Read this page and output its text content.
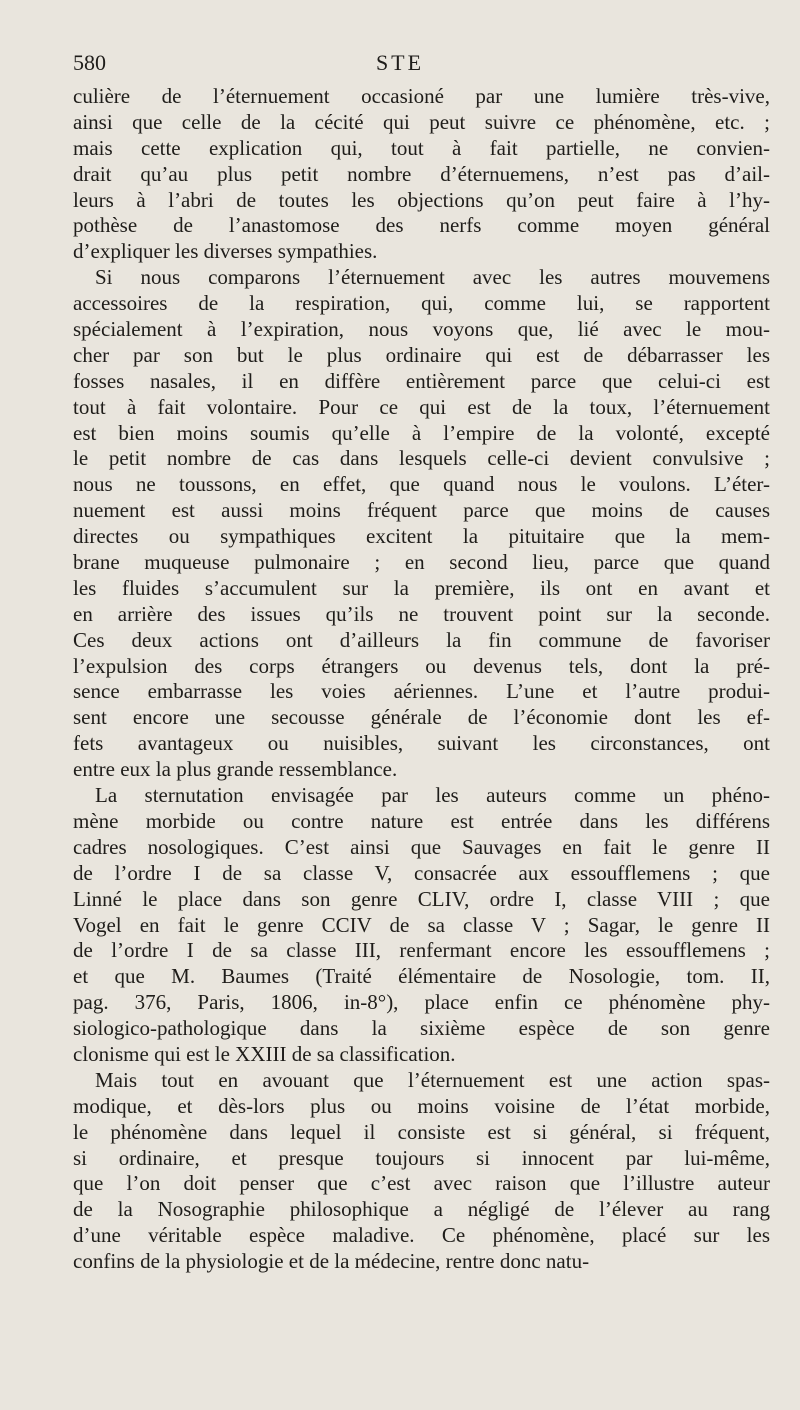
580	STE
culière de l’éternuement occasioné par une lumière très-vive,
ainsi que celle de la cécité qui peut suivre ce phénomène, etc. ;
mais cette explication qui, tout à fait partielle, ne convien-
drait qu’au plus petit nombre d’éternuemens, n’est pas d’ail-
leurs à l’abri de toutes les objections qu’on peut faire à l’hy-
pothèse de l’anastomose des nerfs comme moyen général
d’expliquer les diverses sympathies.
Si nous comparons l’éternuement avec les autres mouvemens
accessoires de la respiration, qui, comme lui, se rapportent
spécialement à l’expiration, nous voyons que, lié avec le mou-
cher par son but le plus ordinaire qui est de débarrasser les
fosses nasales, il en diffère entièrement parce que celui-ci est
tout à fait volontaire. Pour ce qui est de la toux, l’éternuement
est bien moins soumis qu’elle à l’empire de la volonté, excepté
le petit nombre de cas dans lesquels celle-ci devient convulsive ;
nous ne toussons, en effet, que quand nous le voulons. L’éter-
nuement est aussi moins fréquent parce que moins de causes
directes ou sympathiques excitent la pituitaire que la mem-
brane muqueuse pulmonaire ; en second lieu, parce que quand
les fluides s’accumulent sur la première, ils ont en avant et
en arrière des issues qu’ils ne trouvent point sur la seconde.
Ces deux actions ont d’ailleurs la fin commune de favoriser
l’expulsion des corps étrangers ou devenus tels, dont la pré-
sence embarrasse les voies aériennes. L’une et l’autre produi-
sent encore une secousse générale de l’économie dont les ef-
fets avantageux ou nuisibles, suivant les circonstances, ont
entre eux la plus grande ressemblance.
La sternutation envisagée par les auteurs comme un phéno-
mène morbide ou contre nature est entrée dans les différens
cadres nosologiques. C’est ainsi que Sauvages en fait le genre II
de l’ordre I de sa classe V, consacrée aux essoufflemens ; que
Linné le place dans son genre CLIV, ordre I, classe VIII ; que
Vogel en fait le genre CCIV de sa classe V ; Sagar, le genre II
de l’ordre I de sa classe III, renfermant encore les essoufflemens ;
et que M. Baumes (Traité élémentaire de Nosologie, tom. II,
pag. 376, Paris, 1806, in-8°), place enfin ce phénomène phy-
siologico-pathologique dans la sixième espèce de son genre
clonisme qui est le XXIII de sa classification.
Mais tout en avouant que l’éternuement est une action spas-
modique, et dès-lors plus ou moins voisine de l’état morbide,
le phénomène dans lequel il consiste est si général, si fréquent,
si ordinaire, et presque toujours si innocent par lui-même,
que l’on doit penser que c’est avec raison que l’illustre auteur
de la Nosographie philosophique a négligé de l’élever au rang
d’une véritable espèce maladive. Ce phénomène, placé sur les
confins de la physiologie et de la médecine, rentre donc natu-
